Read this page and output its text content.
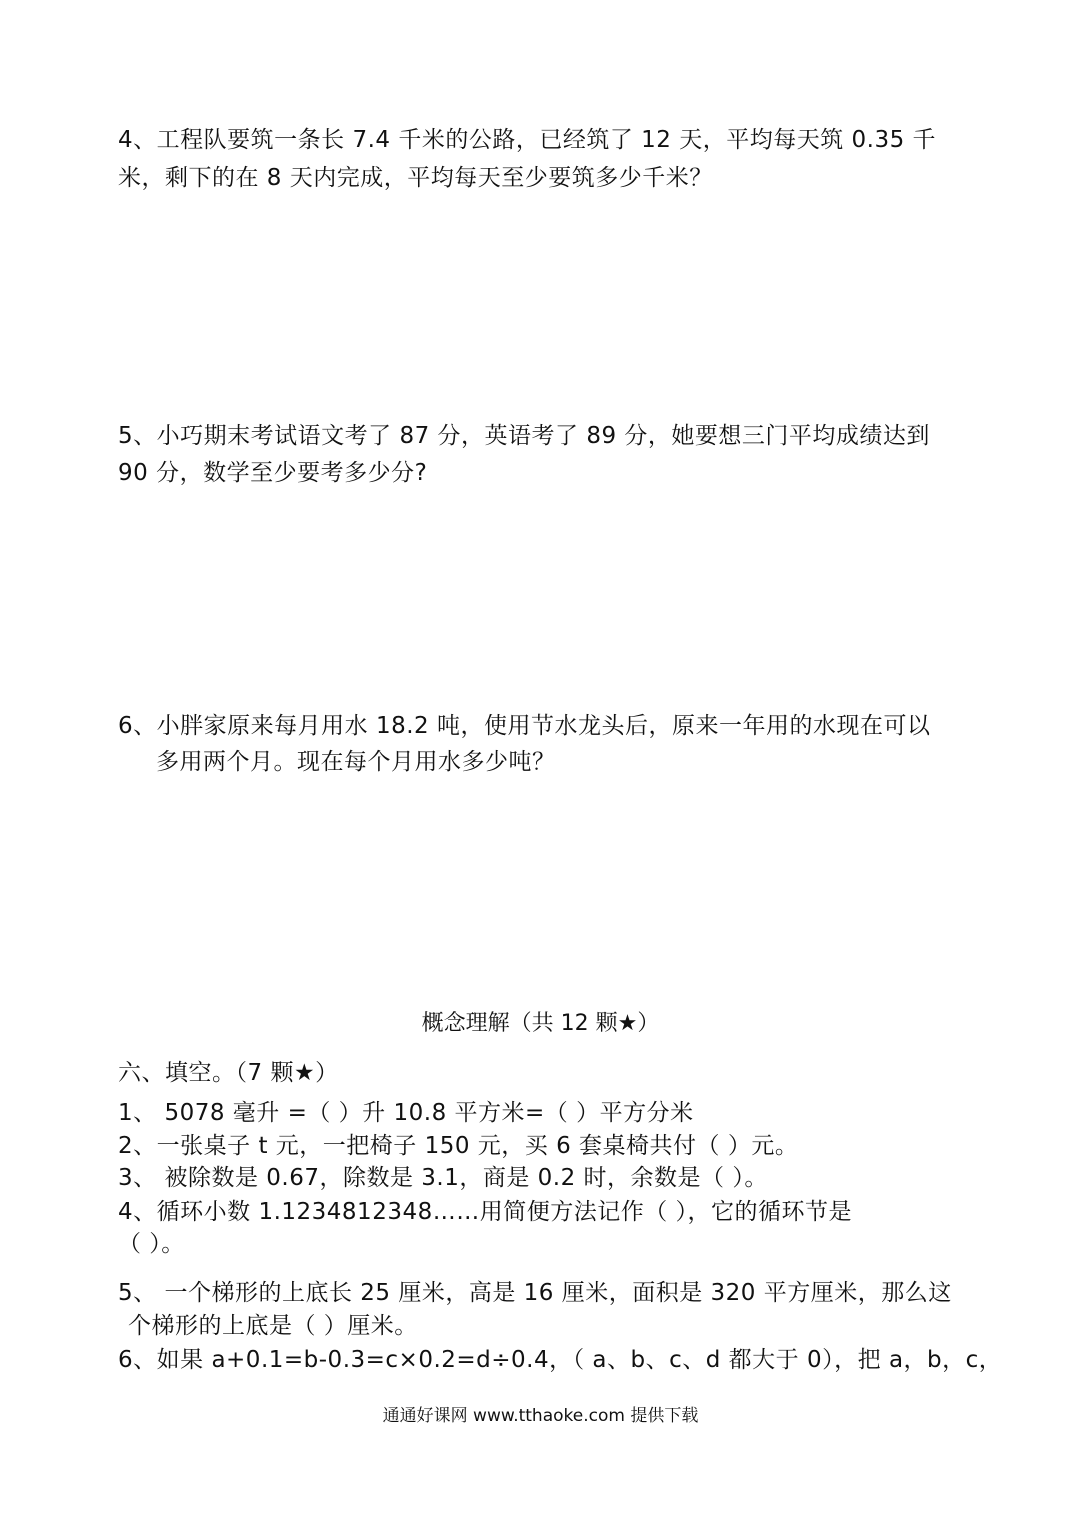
4、工程队要筑一条长 7.4 千米的公路，已经筑了 12 天，平均每天筑 0.35 千
米，剩下的在 8 天内完成，平均每天至少要筑多少千米？
5、小巧期末考试语文考了 87 分，英语考了 89 分，她要想三门平均成绩达到
90 分，数学至少要考多少分?
6、小胖家原来每月用水 18.2 吨，使用节水龙头后，原来一年用的水现在可以
多用两个月。现在每个月用水多少吨？
概念理解（共 12 颗★）
六、填空。（7 颗★）
1、 5078 毫升 =（ ）升 10.8 平方米=（ ）平方分米
2、一张桌子 t 元，一把椅子 150 元，买 6 套桌椅共付（ ）元。
3、 被除数是 0.67，除数是 3.1，商是 0.2 时，余数是（ ）。
4、循环小数 1.1234812348……用简便方法记作（ ），它的循环节是
（ ）。
5、 一个梯形的上底长 25 厘米，高是 16 厘米，面积是 320 平方厘米，那么这
个梯形的上底是（ ）厘米。
6、如果 a+0.1=b-0.3=c×0.2=d÷0.4，（ a、b、c、d 都大于 0），把 a，b，c，
通通好课网 www.tthaoke.com 提供下载
